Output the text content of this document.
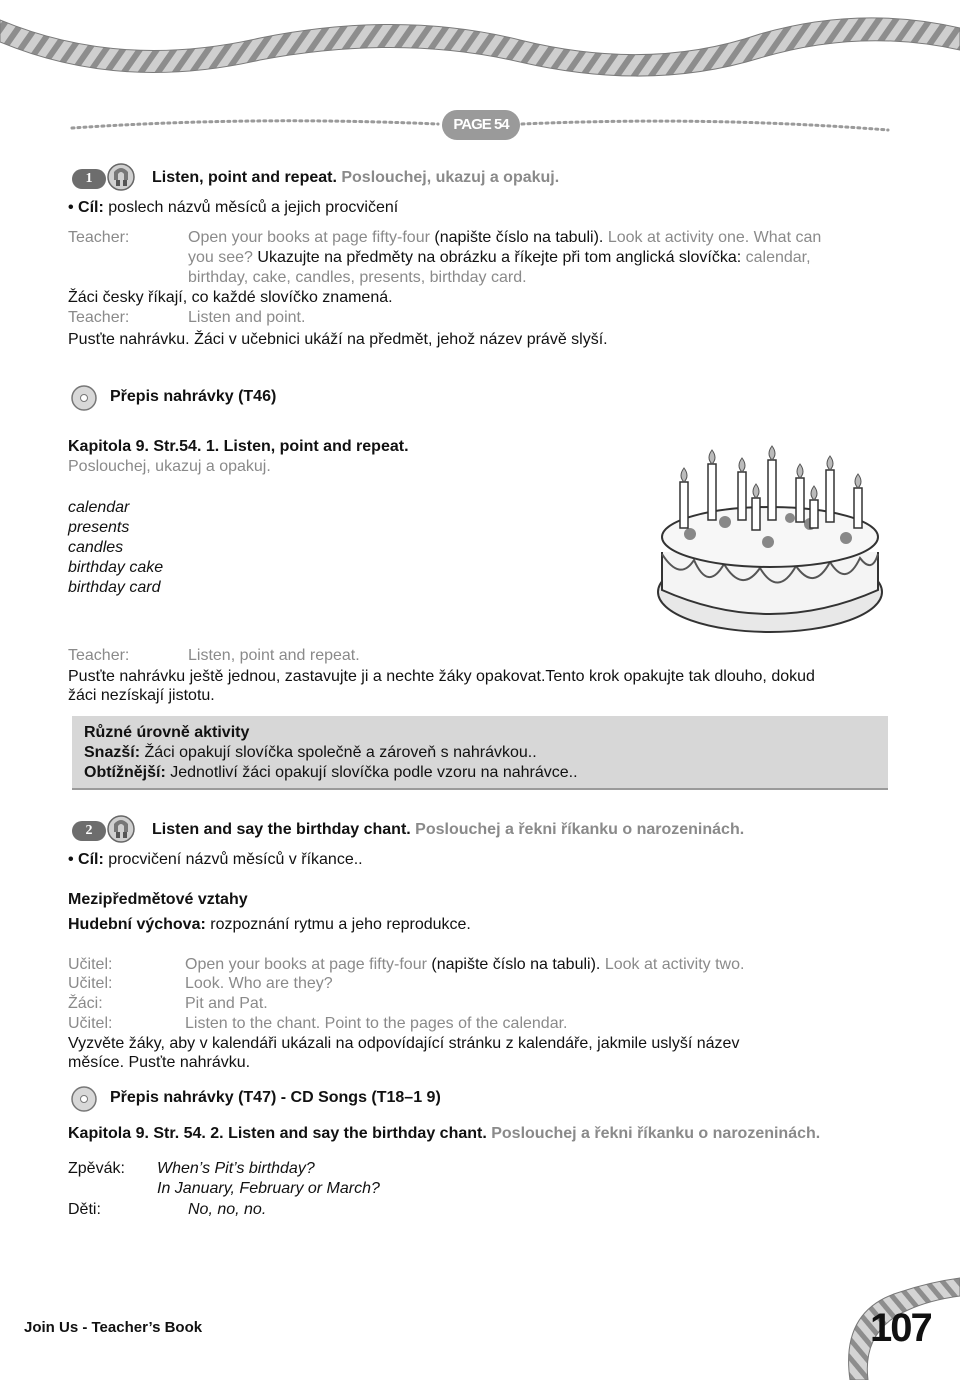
PAGE 54
1	Listen, point and repeat. Poslouchej, ukazuj a opakuj.
• Cíl: poslech názvů měsíců a jejich procvičení
Teacher:	Open your books at page fifty-four (napište číslo na tabuli). Look at activity one. What can
you see? Ukazujte na předměty na obrázku a říkejte při tom anglická slovíčka: calendar,
birthday, cake, candles, presents, birthday card.
Žáci česky říkají, co každé slovíčko znamená.
Teacher:	Listen and point.
Pusťte nahrávku. Žáci v učebnici ukáží na předmět, jehož název právě slyší.
Přepis nahrávky (T46)
Kapitola 9. Str.54. 1. Listen, point and repeat.
Poslouchej, ukazuj a opakuj.
calendar
presents
candles
birthday cake
birthday card
Teacher:	Listen, point and repeat.
Pusťte nahrávku ještě jednou, zastavujte ji a nechte žáky opakovat.Tento krok opakujte tak dlouho, dokud
žáci nezískají jistotu.
Různé úrovně aktivity
Snazší: Žáci opakují slovíčka společně a zároveň s nahrávkou..
Obtížnější: Jednotliví žáci opakují slovíčka podle vzoru na nahrávce..
2	Listen and say the birthday chant. Poslouchej a řekni říkanku o narozeninách.
• Cíl: procvičení názvů měsíců v říkance..
Mezipředmětové vztahy
Hudební výchova: rozpoznání rytmu a jeho reprodukce.
Učitel:	Open your books at page fifty-four (napište číslo na tabuli). Look at activity two.
Učitel:	Look. Who are they?
Žáci:	Pit and Pat.
Učitel:	Listen to the chant. Point to the pages of the calendar.
Vyzvěte žáky, aby v kalendáři ukázali na odpovídající stránku z kalendáře, jakmile uslyší název
měsíce. Pusťte nahrávku.
Přepis nahrávky (T47) - CD Songs (T18–1 9)
Kapitola 9. Str. 54. 2. Listen and say the birthday chant. Poslouchej a řekni říkanku o narozeninách.
Zpěvák: When’s Pit’s birthday?
In January, February or March?
Děti:	No, no, no.
Join Us - Teacher’s Book	107
